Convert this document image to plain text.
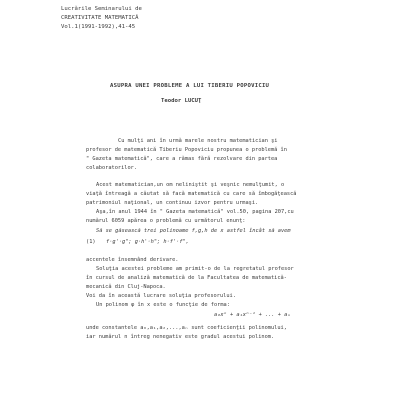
Lucrările Seminarului de

CREATIVITATE MATEMATICĂ

Vol.1(1991-1992),41-45

ASUPRA UNEI PROBLEME A LUI TIBERIU POPOVICIU

Teodor LUCUŢ

Cu mulţi ani în urmă marele nostru matematician şi

profesor de matematică Tiberiu Popoviciu propunea o problemă în

" Gazeta matematică", care a rămas fără rezolvare din partea

colaboratorilor.

Acest matematician,un om neliniştit şi veşnic nemulţumit, o

viaţă întreagă a căutat să facă matematică cu care să îmbogăţească

patrimoniul naţional, un continuu izvor pentru urmaşi.

Aşa,în anul 1944 în " Gazeta matematică" vol.50, pagina 207,cu

numărul 6059 apărea o problemă cu următorul enunţ:

Să se găsească trei polinoame f,g,h de x astfel încât să avem

(1) f·g'·g"; g·h'·h"; h·f'·f",

accentele însemnând derivare.

Soluţia acestei probleme am primit-o de la regretatul profesor

în cursul de analiză matematică de la Facultatea de matematică-

mecanică din Cluj-Napoca.

Voi da în această lucrare soluţia profesorului.

Un polinom φ în x este o funcţie de forma:

a₀xⁿ + a₁xⁿ⁻¹ + ... + aₙ

unde constantele a₀,a₁,a₂,...,aₙ sunt coeficienţii polinomului,

iar numărul n întreg nenegativ este gradul acestui polinom.
